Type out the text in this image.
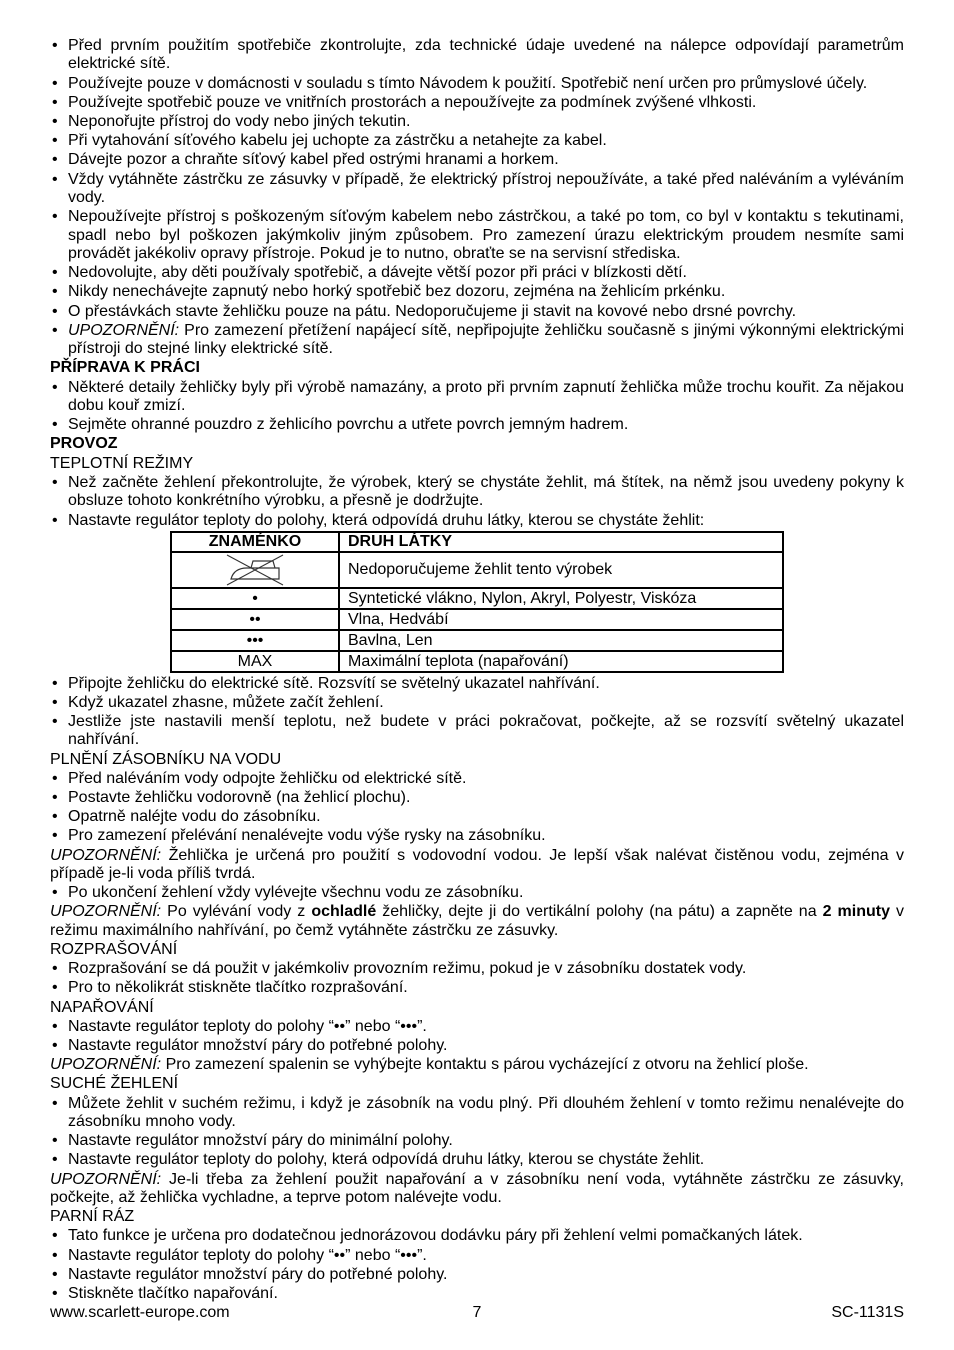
• Před prvním použitím spotřebiče zkontrolujte, zda technické údaje uvedené na nálepce odpovídají parametrům elektrické sítě.
• Používejte pouze v domácnosti v souladu s tímto Návodem k použití. Spotřebič není určen pro průmyslové účely.
• Používejte spotřebič pouze ve vnitřních prostorách a nepoužívejte za podmínek zvýšené vlhkosti.
• Neponořujte přístroj do vody nebo jiných tekutin.
• Při vytahování síťového kabelu jej uchopte za zástrčku a netahejte za kabel.
• Dávejte pozor a chraňte síťový kabel před ostrými hranami a horkem.
• Vždy vytáhněte zástrčku ze zásuvky v případě, že elektrický přístroj nepoužíváte, a také před naléváním a vyléváním vody.
• Nepoužívejte přístroj s poškozeným síťovým kabelem nebo zástrčkou, a také po tom, co byl v kontaktu s tekutinami, spadl nebo byl poškozen jakýmkoliv jiným způsobem. Pro zamezení úrazu elektrickým proudem nesmíte sami provádět jakékoliv opravy přístroje. Pokud je to nutno, obraťte se na servisní střediska.
• Nedovolujte, aby děti používaly spotřebič, a dávejte větší pozor při práci v blízkosti dětí.
• Nikdy nenechávejte zapnutý nebo horký spotřebič bez dozoru, zejména na žehlicím prkénku.
• O přestávkách stavte žehličku pouze na pátu. Nedoporučujeme ji stavit na kovové nebo drsné povrchy.
• UPOZORNĚNÍ: Pro zamezení přetížení napájecí sítě, nepřipojujte žehličku současně s jinými výkonnými elektrickými přístroji do stejné linky elektrické sítě.

PŘÍPRAVA K PRÁCI

• Některé detaily žehličky byly při výrobě namazány, a proto při prvním zapnutí žehlička může trochu kouřit. Za nějakou dobu kouř zmizí.
• Sejměte ohranné pouzdro z žehlicího povrchu a utřete povrch jemným hadrem.

PROVOZ

TEPLOTNÍ REŽIMY

• Než začněte žehlení překontrolujte, že výrobek, který se chystáte žehlit, má štítek, na němž jsou uvedeny pokyny k obsluze tohoto konkrétního výrobku, a přesně je dodržujte.
• Nastavte regulátor teploty do polohy, která odpovídá druhu látky, kterou se chystáte žehlit:
ZNAMÉNKO	DRUH LÁTKY
	Nedoporučujeme žehlit tento výrobek
•	Syntetické vlákno, Nylon, Akryl, Polyestr, Viskóza
••	Vlna, Hedvábí
•••	Bavlna, Len
MAX	Maximální teplota (napařování)
• Připojte žehličku do elektrické sítě. Rozsvítí se světelný ukazatel nahřívání.
• Když ukazatel zhasne, můžete začít žehlení.
• Jestliže jste nastavili menší teplotu, než budete v práci pokračovat, počkejte, až se rozsvítí světelný ukazatel nahřívání.

PLNĚNÍ ZÁSOBNÍKU NA VODU

• Před naléváním vody odpojte žehličku od elektrické sítě.
• Postavte žehličku vodorovně (na žehlicí plochu).
• Opatrně naléjte vodu do zásobníku.
• Pro zamezení přelévání nenalévejte vodu výše rysky na zásobníku.

UPOZORNĚNÍ: Žehlička je určená pro použití s vodovodní vodou. Je lepší však nalévat čistěnou vodu, zejména v případě je-li voda příliš tvrdá.

• Po ukončení žehlení vždy vylévejte všechnu vodu ze zásobníku.

UPOZORNĚNÍ: Po vylévání vody z ochladlé žehličky, dejte ji do vertikální polohy (na pátu) a zapněte na 2 minuty v režimu maximálního nahřívání, po čemž vytáhněte zástrčku ze zásuvky.

ROZPRAŠOVÁNÍ

• Rozprašování se dá použit v jakémkoliv provozním režimu, pokud je v zásobníku dostatek vody.
• Pro to několikrát stiskněte tlačítko rozprašování.

NAPAŘOVÁNÍ

• Nastavte regulátor teploty do polohy “••” nebo “•••”.
• Nastavte regulátor množství páry do potřebné polohy.

UPOZORNĚNÍ: Pro zamezení spalenin se vyhýbejte kontaktu s párou vycházející z otvoru na žehlicí ploše.

SUCHÉ ŽEHLENÍ

• Můžete žehlit v suchém režimu, i když je zásobník na vodu plný. Při dlouhém žehlení v tomto režimu nenalévejte do zásobníku mnoho vody.
• Nastavte regulátor množství páry do minimální polohy.
• Nastavte regulátor teploty do polohy, která odpovídá druhu látky, kterou se chystáte žehlit.

UPOZORNĚNÍ: Je-li třeba za žehlení použit napařování a v zásobníku není voda, vytáhněte zástrčku ze zásuvky, počkejte, až žehlička vychladne, a teprve potom nalévejte vodu.

PARNÍ RÁZ

• Tato funkce je určena pro dodatečnou jednorázovou dodávku páry při žehlení velmi pomačkaných látek.
• Nastavte regulátor teploty do polohy “••” nebo “•••”.
• Nastavte regulátor množství páry do potřebné polohy.
• Stiskněte tlačítko napařování.
www.scarlett-europe.com	7	SC-1131S
